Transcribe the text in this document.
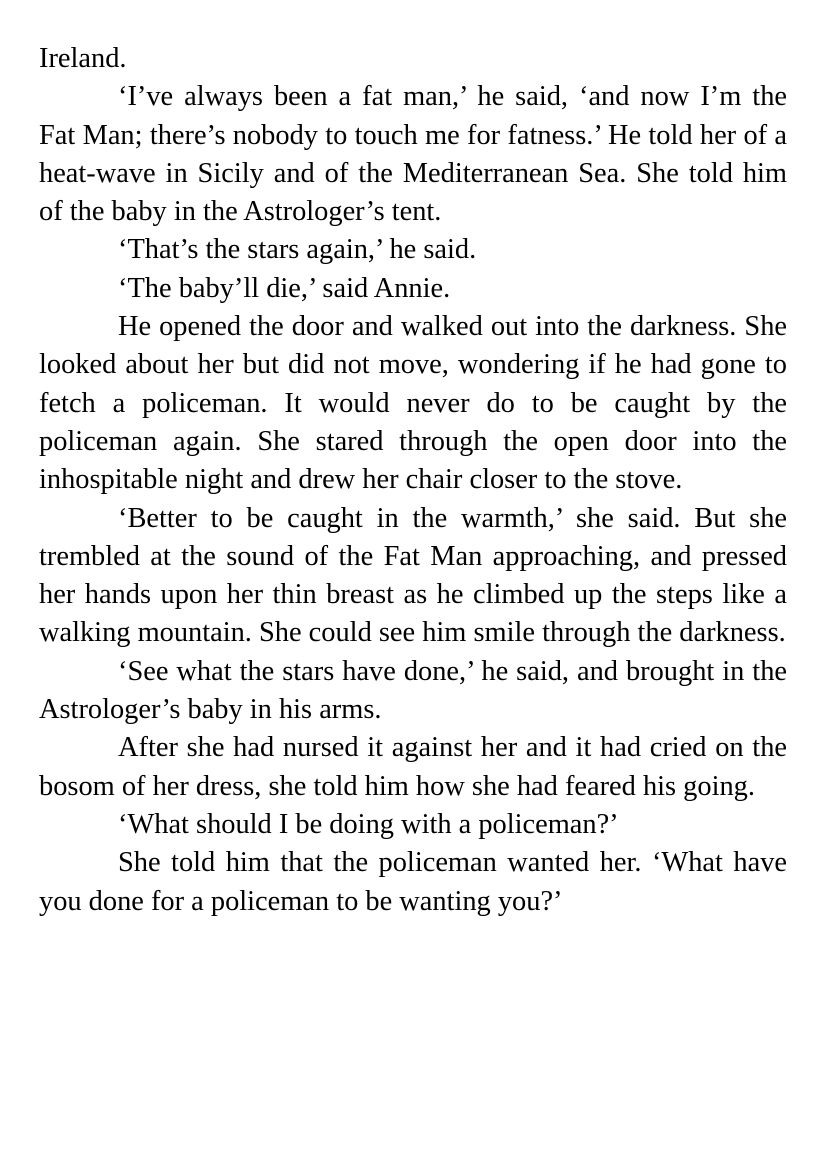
Ireland.

‘I’ve always been a fat man,’ he said, ‘and now I’m the Fat Man; there’s nobody to touch me for fatness.’ He told her of a heat-wave in Sicily and of the Mediterranean Sea. She told him of the baby in the Astrologer’s tent.

‘That’s the stars again,’ he said.

‘The baby’ll die,’ said Annie.

He opened the door and walked out into the darkness. She looked about her but did not move, wondering if he had gone to fetch a policeman. It would never do to be caught by the policeman again. She stared through the open door into the inhospitable night and drew her chair closer to the stove.

‘Better to be caught in the warmth,’ she said. But she trembled at the sound of the Fat Man approaching, and pressed her hands upon her thin breast as he climbed up the steps like a walking mountain. She could see him smile through the darkness.

‘See what the stars have done,’ he said, and brought in the Astrologer’s baby in his arms.

After she had nursed it against her and it had cried on the bosom of her dress, she told him how she had feared his going.

‘What should I be doing with a policeman?’

She told him that the policeman wanted her. ‘What have you done for a policeman to be wanting you?’
